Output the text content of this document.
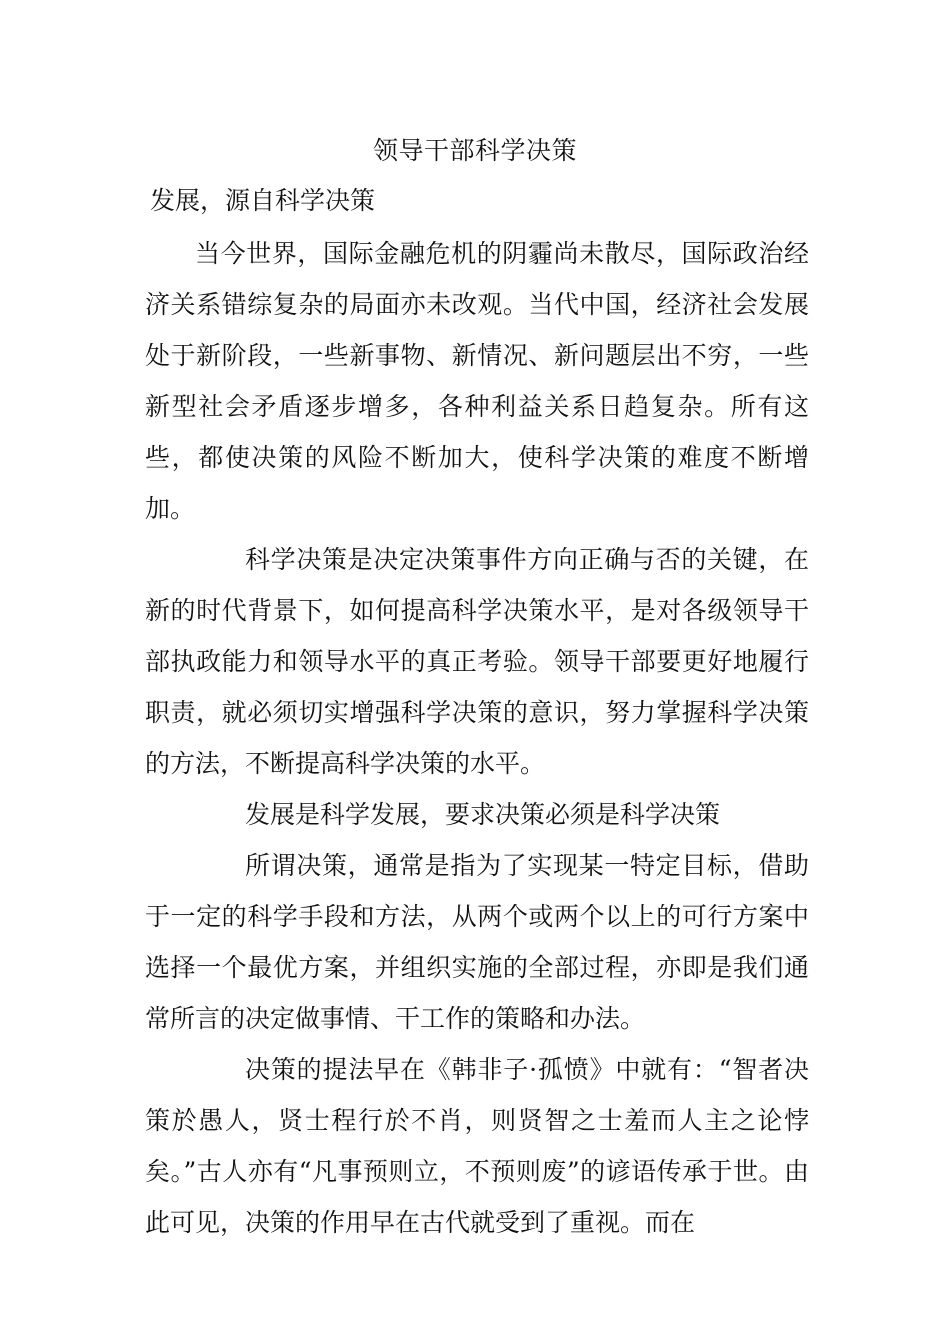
领导干部科学决策
发展，源自科学决策

当今世界，国际金融危机的阴霾尚未散尽，国际政治经济关系错综复杂的局面亦未改观。当代中国，经济社会发展处于新阶段，一些新事物、新情况、新问题层出不穷，一些新型社会矛盾逐步增多，各种利益关系日趋复杂。所有这些，都使决策的风险不断加大，使科学决策的难度不断增加。

科学决策是决定决策事件方向正确与否的关键，在新的时代背景下，如何提高科学决策水平，是对各级领导干部执政能力和领导水平的真正考验。领导干部要更好地履行职责，就必须切实增强科学决策的意识，努力掌握科学决策的方法，不断提高科学决策的水平。

发展是科学发展，要求决策必须是科学决策

所谓决策，通常是指为了实现某一特定目标，借助于一定的科学手段和方法，从两个或两个以上的可行方案中选择一个最优方案，并组织实施的全部过程，亦即是我们通常所言的决定做事情、干工作的策略和办法。

决策的提法早在《韩非子·孤愤》中就有：“智者决策於愚人，贤士程行於不肖，则贤智之士羞而人主之论悖矣。”古人亦有“凡事预则立，不预则废”的谚语传承于世。由此可见，决策的作用早在古代就受到了重视。而在
